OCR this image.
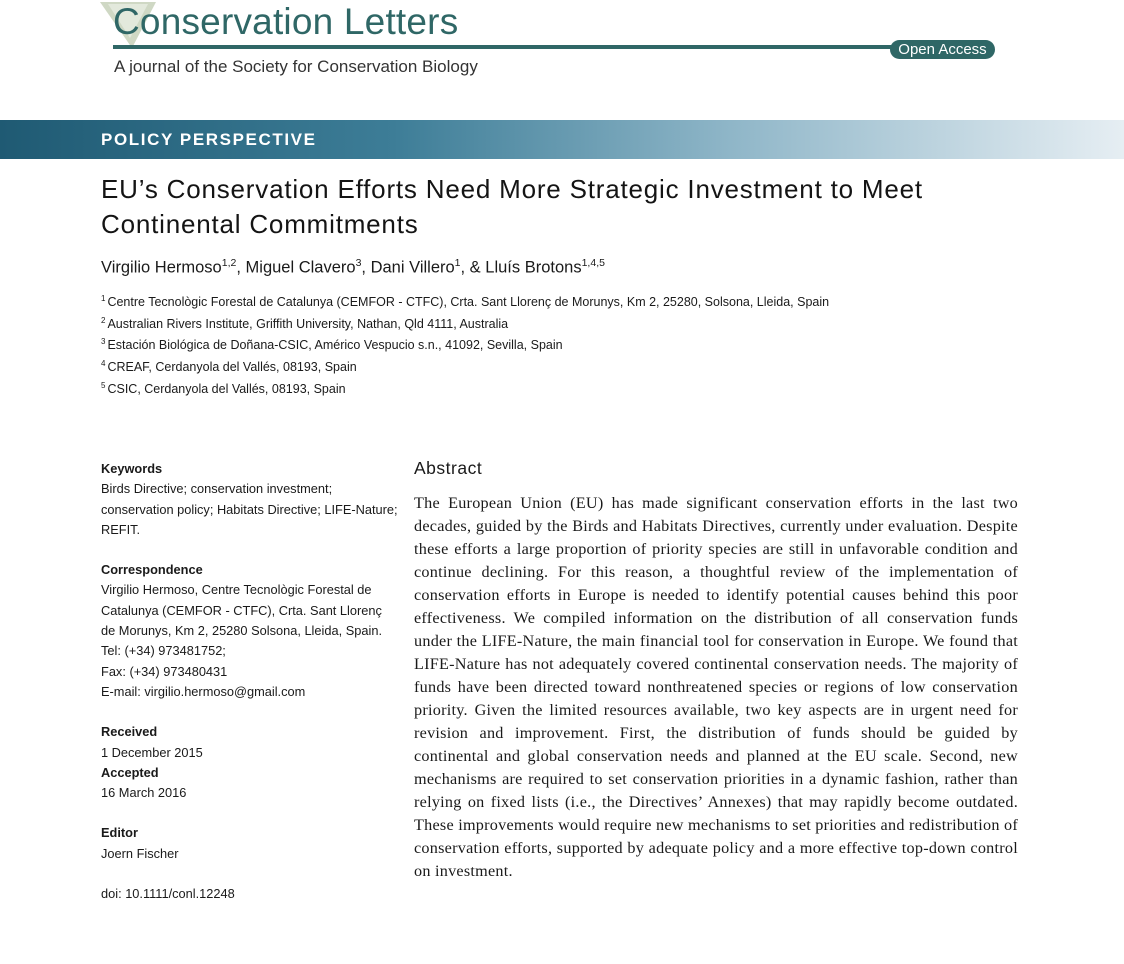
Conservation Letters
Open Access
A journal of the Society for Conservation Biology
POLICY PERSPECTIVE
EU’s Conservation Efforts Need More Strategic Investment to Meet Continental Commitments
Virgilio Hermoso$^{1,2}$, Miguel Clavero$^3$, Dani Villero$^1$, & Lluís Brotons$^{1,4,5}$
$^1$ Centre Tecnològic Forestal de Catalunya (CEMFOR - CTFC), Crta. Sant Llorenç de Morunys, Km 2, 25280, Solsona, Lleida, Spain
$^2$ Australian Rivers Institute, Griffith University, Nathan, Qld 4111, Australia
$^3$ Estación Biológica de Doñana-CSIC, Américo Vespucio s.n., 41092, Sevilla, Spain
$^4$ CREAF, Cerdanyola del Vallés, 08193, Spain
$^5$ CSIC, Cerdanyola del Vallés, 08193, Spain
Keywords

Birds Directive; conservation investment; conservation policy; Habitats Directive; LIFE-Nature; REFIT.

Correspondence

Virgilio Hermoso, Centre Tecnològic Forestal de

Catalunya (CEMFOR - CTFC), Crta. Sant Llorenç

de Morunys, Km 2, 25280 Solsona, Lleida, Spain.

Tel: (+34) 973481752;

Fax: (+34) 973480431

E-mail: virgilio.hermoso@gmail.com

Received

1 December 2015

Accepted

16 March 2016

Editor

Joern Fischer

doi: 10.1111/conl.12248

Abstract

The European Union (EU) has made significant conservation efforts in the last two decades, guided by the Birds and Habitats Directives, currently under evaluation. Despite these efforts a large proportion of priority species are still in unfavorable condition and continue declining. For this reason, a thoughtful review of the implementation of conservation efforts in Europe is needed to identify potential causes behind this poor effectiveness. We compiled information on the distribution of all conservation funds under the LIFE-Nature, the main financial tool for conservation in Europe. We found that LIFE-Nature has not adequately covered continental conservation needs. The majority of funds have been directed toward nonthreatened species or regions of low conservation priority. Given the limited resources available, two key aspects are in urgent need for revision and improvement. First, the distribution of funds should be guided by continental and global conservation needs and planned at the EU scale. Second, new mechanisms are required to set conservation priorities in a dynamic fashion, rather than relying on fixed lists (i.e., the Directives’ Annexes) that may rapidly become outdated. These improvements would require new mechanisms to set priorities and redistribution of conservation efforts, supported by adequate policy and a more effective top-down control on investment.
